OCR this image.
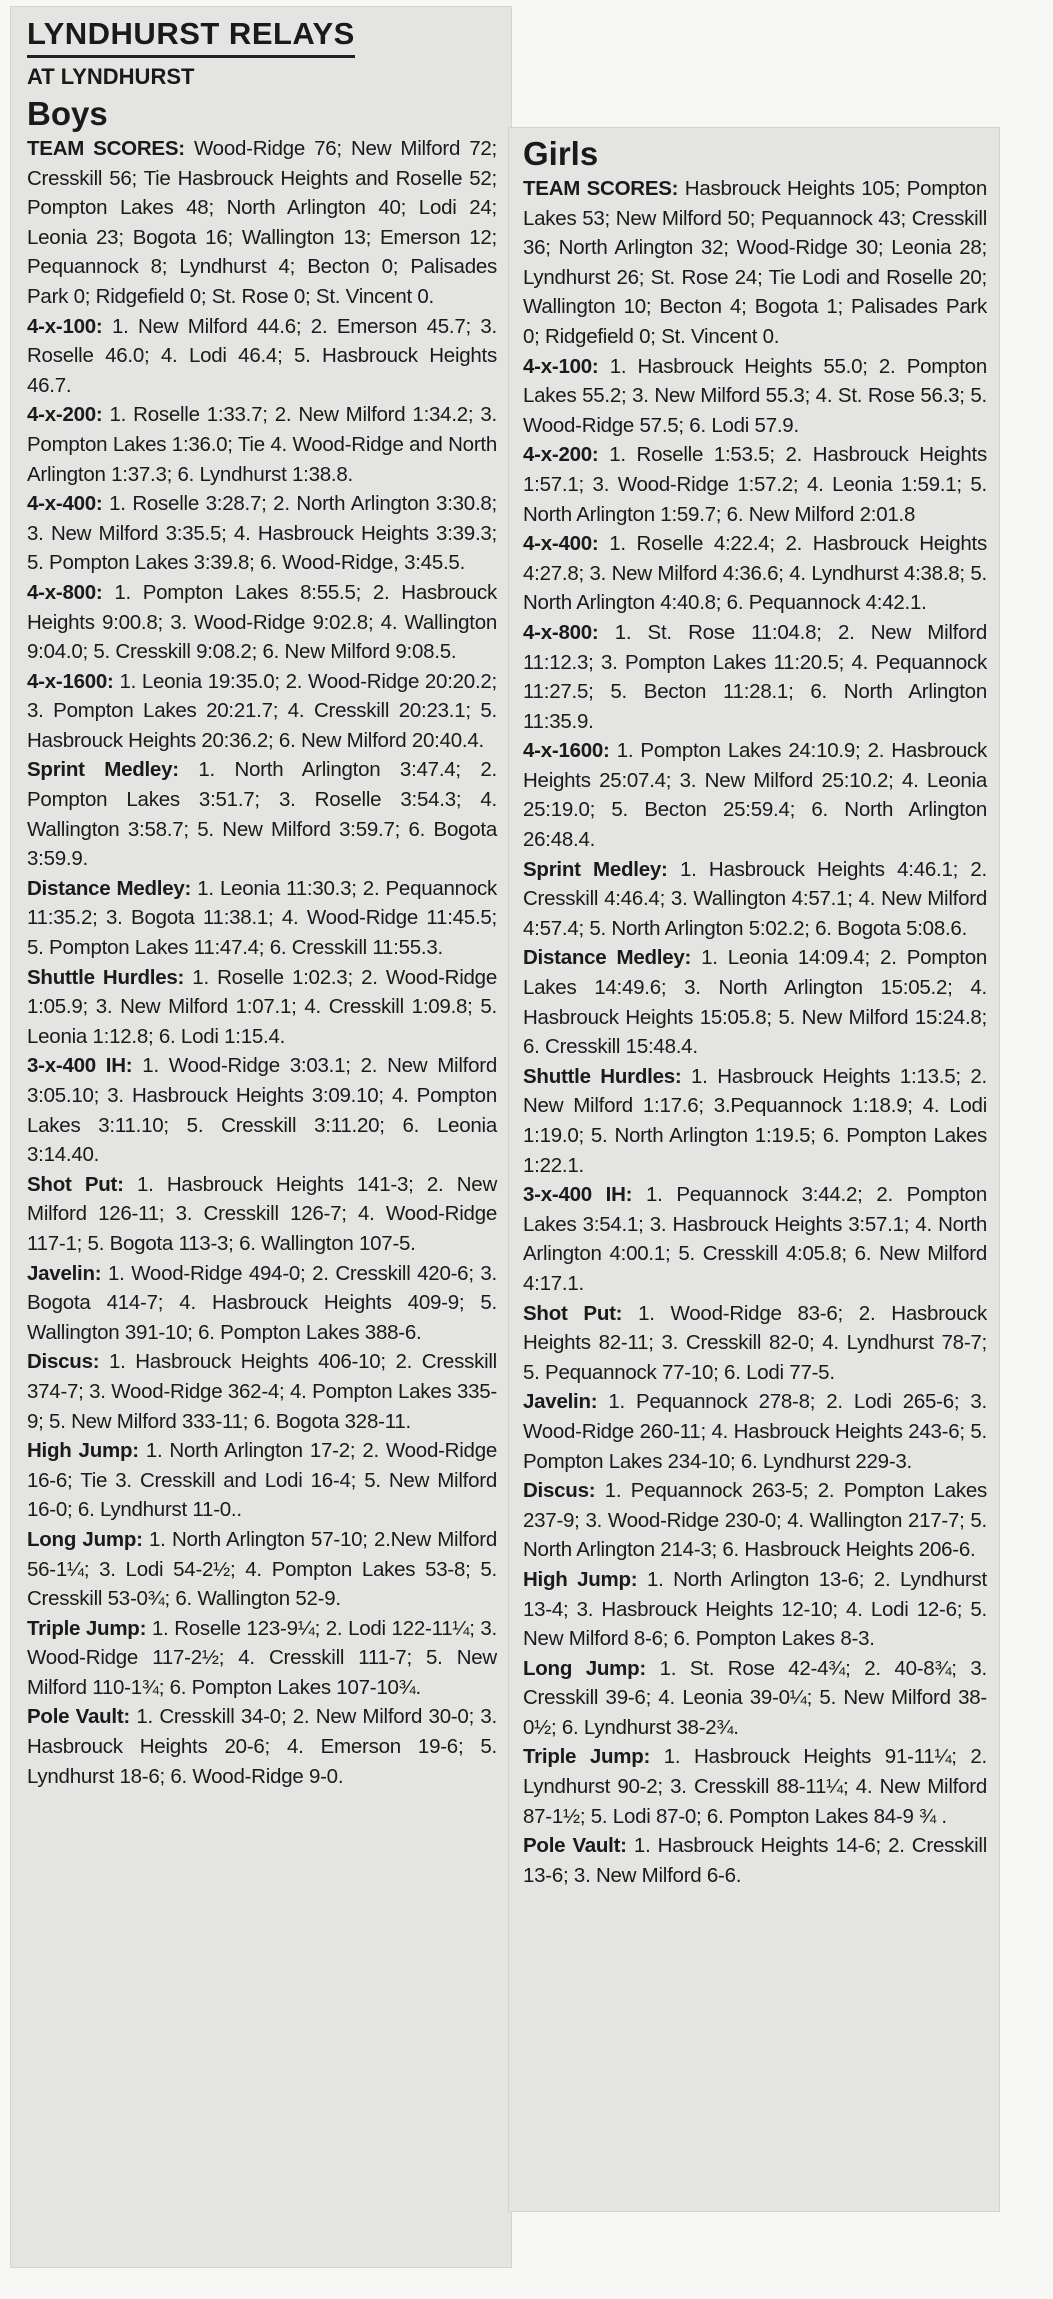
LYNDHURST RELAYS
AT LYNDHURST
Boys

TEAM SCORES: Wood-Ridge 76; New Milford 72; Cresskill 56; Tie Hasbrouck Heights and Roselle 52; Pompton Lakes 48; North Arlington 40; Lodi 24; Leonia 23; Bogota 16; Wallington 13; Emerson 12; Pequannock 8; Lyndhurst 4; Becton 0; Palisades Park 0; Ridgefield 0; St. Rose 0; St. Vincent 0.

4-x-100: 1. New Milford 44.6; 2. Emerson 45.7; 3. Roselle 46.0; 4. Lodi 46.4; 5. Hasbrouck Heights 46.7.

4-x-200: 1. Roselle 1:33.7; 2. New Milford 1:34.2; 3. Pompton Lakes 1:36.0; Tie 4. Wood-Ridge and North Arlington 1:37.3; 6. Lyndhurst 1:38.8.

4-x-400: 1. Roselle 3:28.7; 2. North Arlington 3:30.8; 3. New Milford 3:35.5; 4. Hasbrouck Heights 3:39.3; 5. Pompton Lakes 3:39.8; 6. Wood-Ridge, 3:45.5.

4-x-800: 1. Pompton Lakes 8:55.5; 2. Hasbrouck Heights 9:00.8; 3. Wood-Ridge 9:02.8; 4. Wallington 9:04.0; 5. Cresskill 9:08.2; 6. New Milford 9:08.5.

4-x-1600: 1. Leonia 19:35.0; 2. Wood-Ridge 20:20.2; 3. Pompton Lakes 20:21.7; 4. Cresskill 20:23.1; 5. Hasbrouck Heights 20:36.2; 6. New Milford 20:40.4.

Sprint Medley: 1. North Arlington 3:47.4; 2. Pompton Lakes 3:51.7; 3. Roselle 3:54.3; 4. Wallington 3:58.7; 5. New Milford 3:59.7; 6. Bogota 3:59.9.

Distance Medley: 1. Leonia 11:30.3; 2. Pequannock 11:35.2; 3. Bogota 11:38.1; 4. Wood-Ridge 11:45.5; 5. Pompton Lakes 11:47.4; 6. Cresskill 11:55.3.

Shuttle Hurdles: 1. Roselle 1:02.3; 2. Wood-Ridge 1:05.9; 3. New Milford 1:07.1; 4. Cresskill 1:09.8; 5. Leonia 1:12.8; 6. Lodi 1:15.4.

3-x-400 IH: 1. Wood-Ridge 3:03.1; 2. New Milford 3:05.10; 3. Hasbrouck Heights 3:09.10; 4. Pompton Lakes 3:11.10; 5. Cresskill 3:11.20; 6. Leonia 3:14.40.

Shot Put: 1. Hasbrouck Heights 141-3; 2. New Milford 126-11; 3. Cresskill 126-7; 4. Wood-Ridge 117-1; 5. Bogota 113-3; 6. Wallington 107-5.

Javelin: 1. Wood-Ridge 494-0; 2. Cresskill 420-6; 3. Bogota 414-7; 4. Hasbrouck Heights 409-9; 5. Wallington 391-10; 6. Pompton Lakes 388-6.

Discus: 1. Hasbrouck Heights 406-10; 2. Cresskill 374-7; 3. Wood-Ridge 362-4; 4. Pompton Lakes 335-9; 5. New Milford 333-11; 6. Bogota 328-11.

High Jump: 1. North Arlington 17-2; 2. Wood-Ridge 16-6; Tie 3. Cresskill and Lodi 16-4; 5. New Milford 16-0; 6. Lyndhurst 11-0..

Long Jump: 1. North Arlington 57-10; 2.New Milford 56-1¼; 3. Lodi 54-2½; 4. Pompton Lakes 53-8; 5. Cresskill 53-0¾; 6. Wallington 52-9.

Triple Jump: 1. Roselle 123-9¼; 2. Lodi 122-11¼; 3. Wood-Ridge 117-2½; 4. Cresskill 111-7; 5. New Milford 110-1¾; 6. Pompton Lakes 107-10¾.

Pole Vault: 1. Cresskill 34-0; 2. New Milford 30-0; 3. Hasbrouck Heights 20-6; 4. Emerson 19-6; 5. Lyndhurst 18-6; 6. Wood-Ridge 9-0.

Girls

TEAM SCORES: Hasbrouck Heights 105; Pompton Lakes 53; New Milford 50; Pequannock 43; Cresskill 36; North Arlington 32; Wood-Ridge 30; Leonia 28; Lyndhurst 26; St. Rose 24; Tie Lodi and Roselle 20; Wallington 10; Becton 4; Bogota 1; Palisades Park 0; Ridgefield 0; St. Vincent 0.

4-x-100: 1. Hasbrouck Heights 55.0; 2. Pompton Lakes 55.2; 3. New Milford 55.3; 4. St. Rose 56.3; 5. Wood-Ridge 57.5; 6. Lodi 57.9.

4-x-200: 1. Roselle 1:53.5; 2. Hasbrouck Heights 1:57.1; 3. Wood-Ridge 1:57.2; 4. Leonia 1:59.1; 5. North Arlington 1:59.7; 6. New Milford 2:01.8

4-x-400: 1. Roselle 4:22.4; 2. Hasbrouck Heights 4:27.8; 3. New Milford 4:36.6; 4. Lyndhurst 4:38.8; 5. North Arlington 4:40.8; 6. Pequannock 4:42.1.

4-x-800: 1. St. Rose 11:04.8; 2. New Milford 11:12.3; 3. Pompton Lakes 11:20.5; 4. Pequannock 11:27.5; 5. Becton 11:28.1; 6. North Arlington 11:35.9.

4-x-1600: 1. Pompton Lakes 24:10.9; 2. Hasbrouck Heights 25:07.4; 3. New Milford 25:10.2; 4. Leonia 25:19.0; 5. Becton 25:59.4; 6. North Arlington 26:48.4.

Sprint Medley: 1. Hasbrouck Heights 4:46.1; 2. Cresskill 4:46.4; 3. Wallington 4:57.1; 4. New Milford 4:57.4; 5. North Arlington 5:02.2; 6. Bogota 5:08.6.

Distance Medley: 1. Leonia 14:09.4; 2. Pompton Lakes 14:49.6; 3. North Arlington 15:05.2; 4. Hasbrouck Heights 15:05.8; 5. New Milford 15:24.8; 6. Cresskill 15:48.4.

Shuttle Hurdles: 1. Hasbrouck Heights 1:13.5; 2. New Milford 1:17.6; 3.Pequannock 1:18.9; 4. Lodi 1:19.0; 5. North Arlington 1:19.5; 6. Pompton Lakes 1:22.1.

3-x-400 IH: 1. Pequannock 3:44.2; 2. Pompton Lakes 3:54.1; 3. Hasbrouck Heights 3:57.1; 4. North Arlington 4:00.1; 5. Cresskill 4:05.8; 6. New Milford 4:17.1.

Shot Put: 1. Wood-Ridge 83-6; 2. Hasbrouck Heights 82-11; 3. Cresskill 82-0; 4. Lyndhurst 78-7; 5. Pequannock 77-10; 6. Lodi 77-5.

Javelin: 1. Pequannock 278-8; 2. Lodi 265-6; 3. Wood-Ridge 260-11; 4. Hasbrouck Heights 243-6; 5. Pompton Lakes 234-10; 6. Lyndhurst 229-3.

Discus: 1. Pequannock 263-5; 2. Pompton Lakes 237-9; 3. Wood-Ridge 230-0; 4. Wallington 217-7; 5. North Arlington 214-3; 6. Hasbrouck Heights 206-6.

High Jump: 1. North Arlington 13-6; 2. Lyndhurst 13-4; 3. Hasbrouck Heights 12-10; 4. Lodi 12-6; 5. New Milford 8-6; 6. Pompton Lakes 8-3.

Long Jump: 1. St. Rose 42-4¾; 2. 40-8¾; 3. Cresskill 39-6; 4. Leonia 39-0¼; 5. New Milford 38-0½; 6. Lyndhurst 38-2¾.

Triple Jump: 1. Hasbrouck Heights 91-11¼; 2. Lyndhurst 90-2; 3. Cresskill 88-11¼; 4. New Milford 87-1½; 5. Lodi 87-0; 6. Pompton Lakes 84-9 ¾ .

Pole Vault: 1. Hasbrouck Heights 14-6; 2. Cresskill 13-6; 3. New Milford 6-6.
